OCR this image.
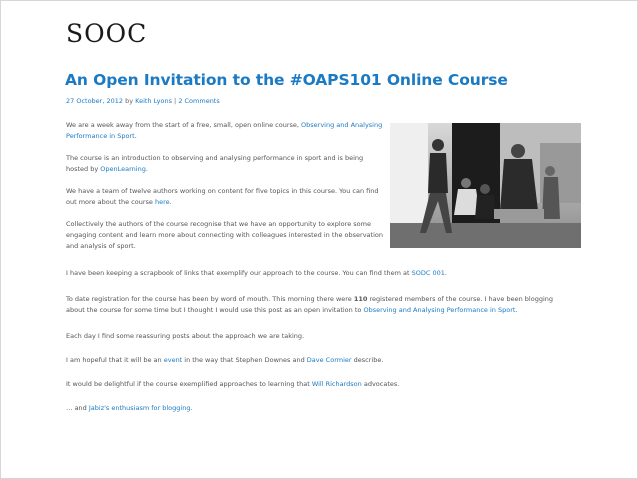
SOOC
An Open Invitation to the #OAPS101 Online Course
27 October, 2012 by Keith Lyons | 2 Comments

We are a week away from the start of a free, small, open online course, Observing and Analysing Performance in Sport.

The course is an introduction to observing and analysing performance in sport and is being hosted by OpenLearning.

We have a team of twelve authors working on content for five topics in this course. You can find out more about the course here.

Collectively the authors of the course recognise that we have an opportunity to explore some engaging content and learn more about connecting with colleagues interested in the observation and analysis of sport.

I have been keeping a scrapbook of links that exemplify our approach to the course. You can find them at SODC 001.

To date registration for the course has been by word of mouth. This morning there were 110 registered members of the course. I have been blogging about the course for some time but I thought I would use this post as an open invitation to Observing and Analysing Performance in Sport.

Each day I find some reassuring posts about the approach we are taking.

I am hopeful that it will be an event in the way that Stephen Downes and Dave Cormier describe.

It would be delightful if the course exemplified approaches to learning that Will Richardson advocates.

… and Jabiz's enthusiasm for blogging.
